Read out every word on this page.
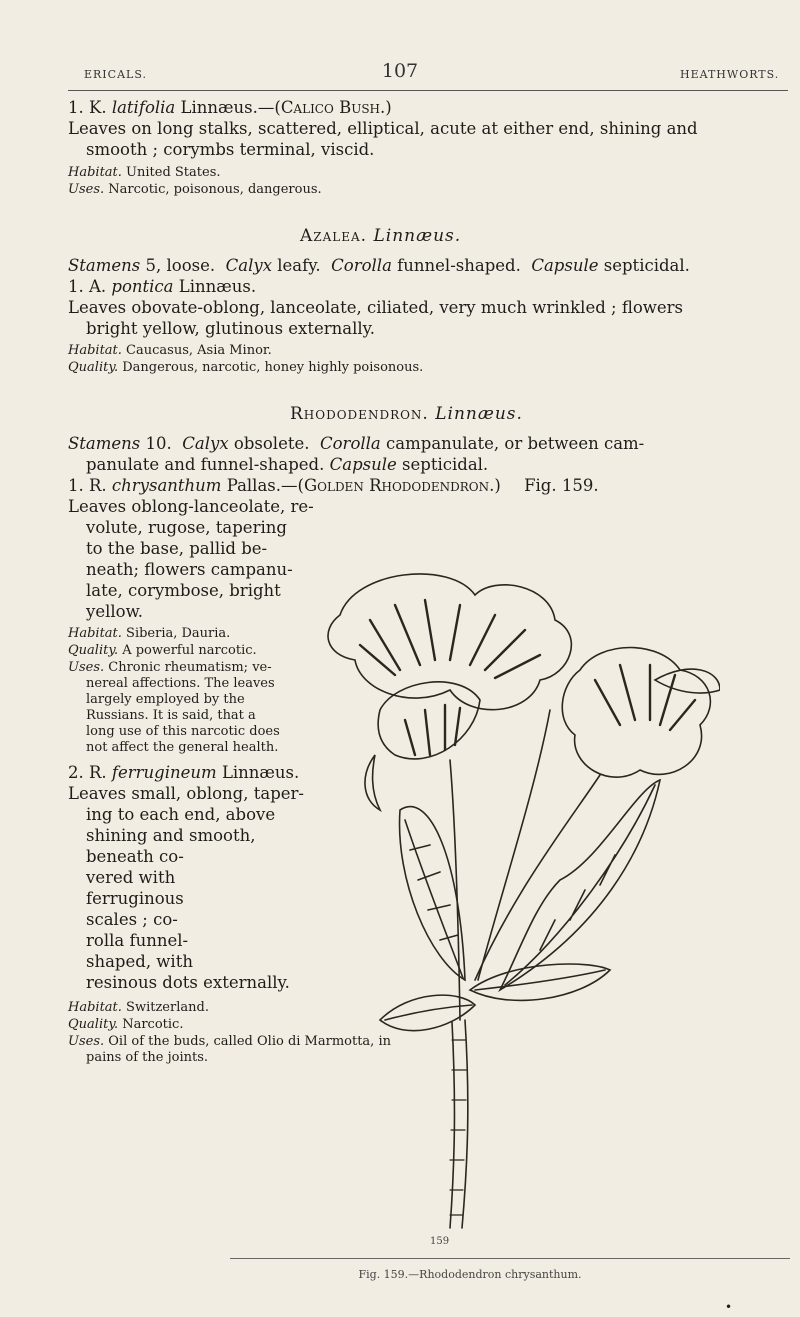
ERICALS.	107	HEATHWORTS.
1. K. latifolia Linnæus.—(Calico Bush.)
Leaves on long stalks, scattered, elliptical, acute at either end, shining and
smooth ; corymbs terminal, viscid.
Habitat. United States.
Uses. Narcotic, poisonous, dangerous.
Azalea. Linnæus.
Stamens 5, loose. Calyx leafy. Corolla funnel-shaped. Capsule septicidal.
1. A. pontica Linnæus.
Leaves obovate-oblong, lanceolate, ciliated, very much wrinkled ; flowers
bright yellow, glutinous externally.
Habitat. Caucasus, Asia Minor.
Quality. Dangerous, narcotic, honey highly poisonous.
Rhododendron. Linnæus.
Stamens 10. Calyx obsolete. Corolla campanulate, or between cam-
panulate and funnel-shaped. Capsule septicidal.
1. R. chrysanthum Pallas.—(Golden Rhododendron.) Fig. 159.
Leaves oblong-lanceolate, re-
volute, rugose, tapering
to the base, pallid be-
neath; flowers campanu-
late, corymbose, bright
yellow.
Habitat. Siberia, Dauria.
Quality. A powerful narcotic.
Uses. Chronic rheumatism; ve-
nereal affections. The leaves
largely employed by the
Russians. It is said, that a
long use of this narcotic does
not affect the general health.
2. R. ferrugineum Linnæus.
Leaves small, oblong, taper-
ing to each end, above
shining and smooth,
beneath co-
vered with
ferruginous
scales ; co-
rolla funnel-
shaped, with
resinous dots externally.
Habitat. Switzerland.
Quality. Narcotic.
Uses. Oil of the buds, called Olio di Marmotta, in
pains of the joints.
159
Fig. 159.—Rhododendron chrysanthum.
•
